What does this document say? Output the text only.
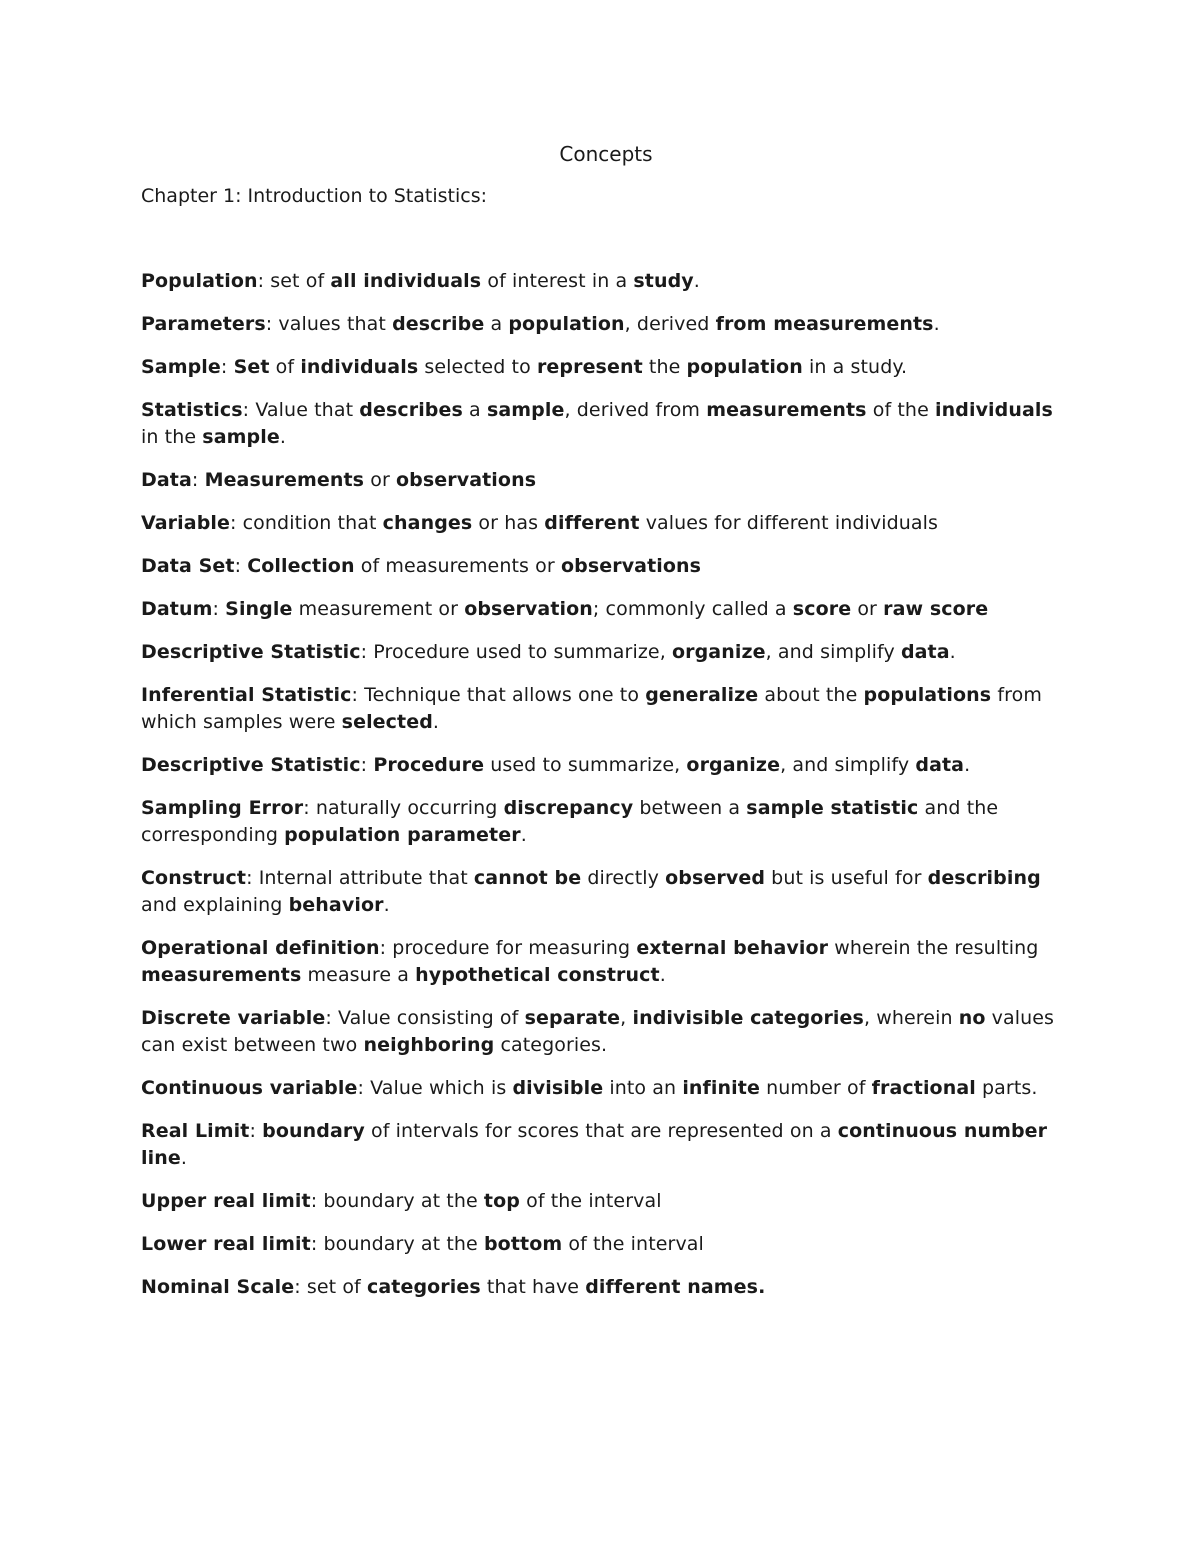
Concepts
Chapter 1: Introduction to Statistics:

Population: set of all individuals of interest in a study.

Parameters: values that describe a population, derived from measurements.

Sample: Set of individuals selected to represent the population in a study.

Statistics: Value that describes a sample, derived from measurements of the individuals in the sample.

Data: Measurements or observations

Variable: condition that changes or has different values for different individuals

Data Set: Collection of measurements or observations

Datum: Single measurement or observation; commonly called a score or raw score

Descriptive Statistic: Procedure used to summarize, organize, and simplify data.

Inferential Statistic: Technique that allows one to generalize about the populations from which samples were selected.

Descriptive Statistic: Procedure used to summarize, organize, and simplify data.

Sampling Error: naturally occurring discrepancy between a sample statistic and the corresponding population parameter.

Construct: Internal attribute that cannot be directly observed but is useful for describing and explaining behavior.

Operational definition: procedure for measuring external behavior wherein the resulting measurements measure a hypothetical construct.

Discrete variable: Value consisting of separate, indivisible categories, wherein no values can exist between two neighboring categories.

Continuous variable: Value which is divisible into an infinite number of fractional parts.

Real Limit: boundary of intervals for scores that are represented on a continuous number line.

Upper real limit: boundary at the top of the interval

Lower real limit: boundary at the bottom of the interval

Nominal Scale: set of categories that have different names.
